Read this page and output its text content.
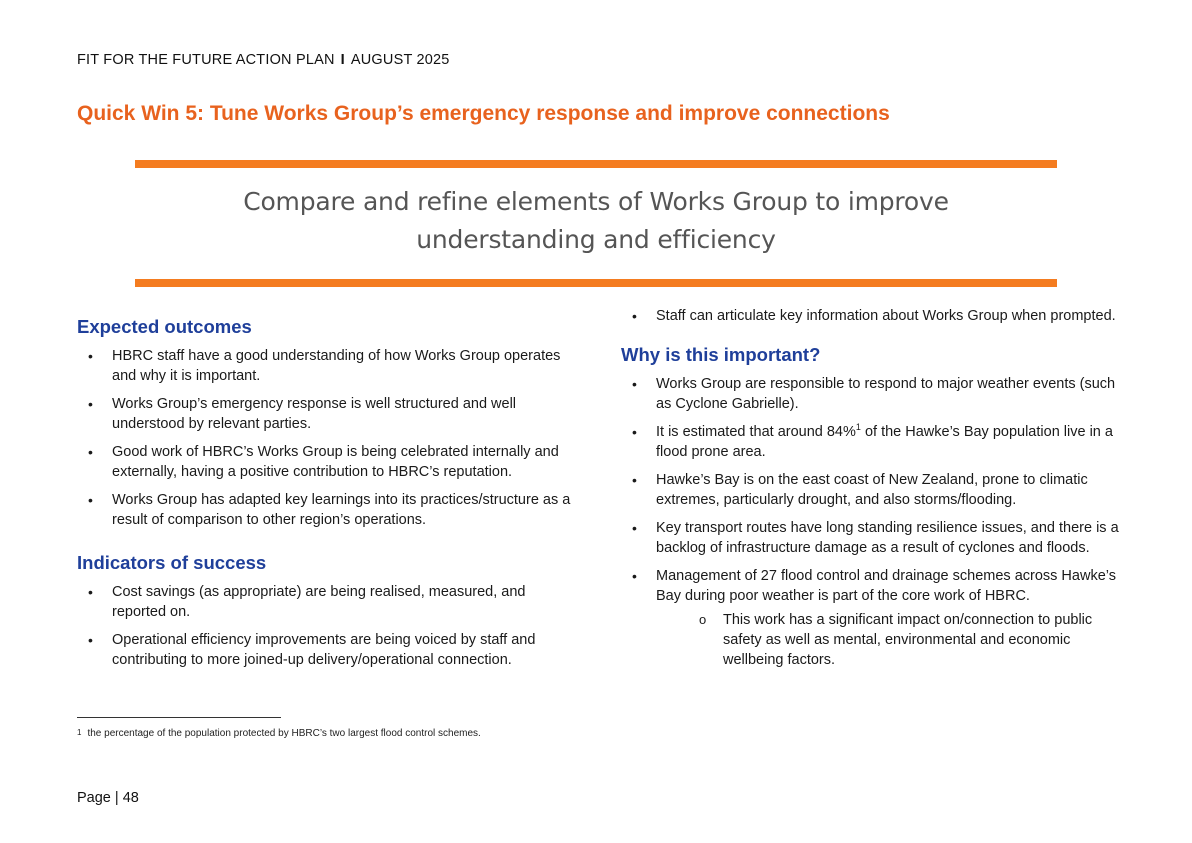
FIT FOR THE FUTURE ACTION PLAN I AUGUST 2025
Quick Win 5: Tune Works Group’s emergency response and improve connections
Compare and refine elements of Works Group to improve
understanding and efficiency
Expected outcomes
• HBRC staff have a good understanding of how Works Group operates and why it is important.
• Works Group’s emergency response is well structured and well understood by relevant parties.
• Good work of HBRC’s Works Group is being celebrated internally and externally, having a positive contribution to HBRC’s reputation.
• Works Group has adapted key learnings into its practices/structure as a result of comparison to other region’s operations.
Indicators of success
• Cost savings (as appropriate) are being realised, measured, and reported on.
• Operational efficiency improvements are being voiced by staff and contributing to more joined-up delivery/operational connection.
• Staff can articulate key information about Works Group when prompted.
Why is this important?
• Works Group are responsible to respond to major weather events (such as Cyclone Gabrielle).
• It is estimated that around 84%$^1$ of the Hawke’s Bay population live in a flood prone area.
• Hawke’s Bay is on the east coast of New Zealand, prone to climatic extremes, particularly drought, and also storms/flooding.
• Key transport routes have long standing resilience issues, and there is a backlog of infrastructure damage as a result of cyclones and floods.
• Management of 27 flood control and drainage schemes across Hawke’s Bay during poor weather is part of the core work of HBRC.
o This work has a significant impact on/connection to public safety as well as mental, environmental and economic wellbeing factors.
$^1$ the percentage of the population protected by HBRC’s two largest flood control schemes.
Page | 48
